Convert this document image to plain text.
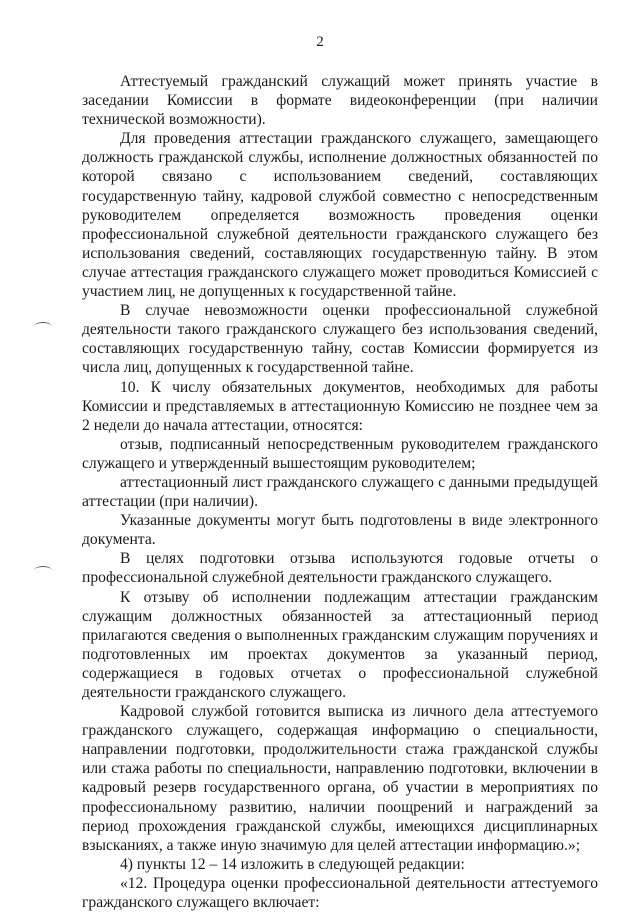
2

Аттестуемый гражданский служащий может принять участие в заседании Комиссии в формате видеоконференции (при наличии технической возможности).

Для проведения аттестации гражданского служащего, замещающего должность гражданской службы, исполнение должностных обязанностей по которой связано с использованием сведений, составляющих государственную тайну, кадровой службой совместно с непосредственным руководителем определяется возможность проведения оценки профессиональной служебной деятельности гражданского служащего без использования сведений, составляющих государственную тайну. В этом случае аттестация гражданского служащего может проводиться Комиссией с участием лиц, не допущенных к государственной тайне.

В случае невозможности оценки профессиональной служебной деятельности такого гражданского служащего без использования сведений, составляющих государственную тайну, состав Комиссии формируется из числа лиц, допущенных к государственной тайне.

10. К числу обязательных документов, необходимых для работы Комиссии и представляемых в аттестационную Комиссию не позднее чем за 2 недели до начала аттестации, относятся:

отзыв, подписанный непосредственным руководителем гражданского служащего и утвержденный вышестоящим руководителем;

аттестационный лист гражданского служащего с данными предыдущей аттестации (при наличии).

Указанные документы могут быть подготовлены в виде электронного документа.

В целях подготовки отзыва используются годовые отчеты о профессиональной служебной деятельности гражданского служащего.

К отзыву об исполнении подлежащим аттестации гражданским служащим должностных обязанностей за аттестационный период прилагаются сведения о выполненных гражданским служащим поручениях и подготовленных им проектах документов за указанный период, содержащиеся в годовых отчетах о профессиональной служебной деятельности гражданского служащего.

Кадровой службой готовится выписка из личного дела аттестуемого гражданского служащего, содержащая информацию о специальности, направлении подготовки, продолжительности стажа гражданской службы или стажа работы по специальности, направлению подготовки, включении в кадровый резерв государственного органа, об участии в мероприятиях по профессиональному развитию, наличии поощрений и награждений за период прохождения гражданской службы, имеющихся дисциплинарных взысканиях, а также иную значимую для целей аттестации информацию.»;

4) пункты 12 – 14 изложить в следующей редакции:

«12. Процедура оценки профессиональной деятельности аттестуемого гражданского служащего включает:
